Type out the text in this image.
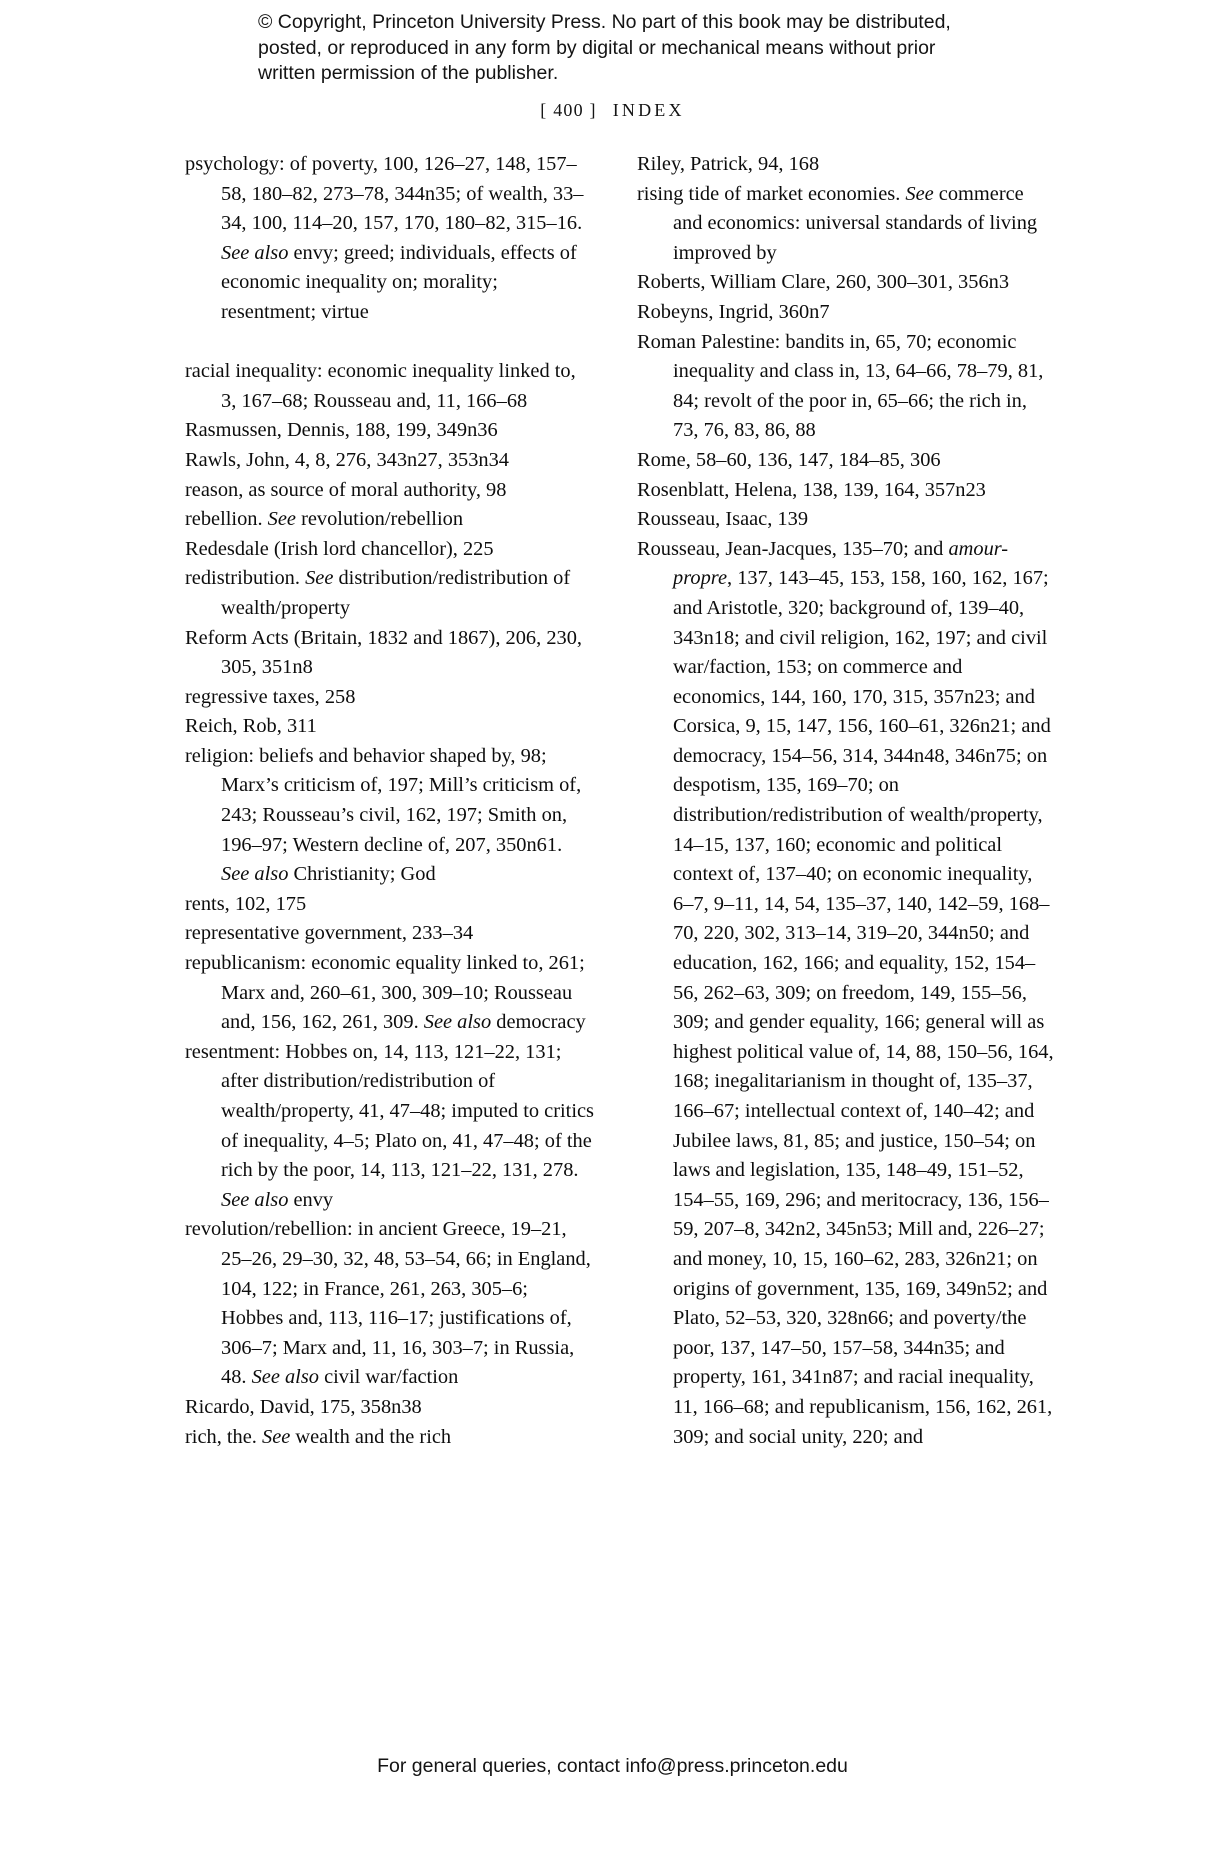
© Copyright, Princeton University Press. No part of this book may be distributed, posted, or reproduced in any form by digital or mechanical means without prior written permission of the publisher.
[ 400 ] INDEX

psychology: of poverty, 100, 126–27, 148, 157–58, 180–82, 273–78, 344n35; of wealth, 33–34, 100, 114–20, 157, 170, 180–82, 315–16. See also envy; greed; individuals, effects of economic inequality on; morality; resentment; virtue

racial inequality: economic inequality linked to, 3, 167–68; Rousseau and, 11, 166–68

Rasmussen, Dennis, 188, 199, 349n36

Rawls, John, 4, 8, 276, 343n27, 353n34

reason, as source of moral authority, 98

rebellion. See revolution/rebellion

Redesdale (Irish lord chancellor), 225

redistribution. See distribution/redistribution of wealth/property

Reform Acts (Britain, 1832 and 1867), 206, 230, 305, 351n8

regressive taxes, 258

Reich, Rob, 311

religion: beliefs and behavior shaped by, 98; Marx’s criticism of, 197; Mill’s criticism of, 243; Rousseau’s civil, 162, 197; Smith on, 196–97; Western decline of, 207, 350n61. See also Christianity; God

rents, 102, 175

representative government, 233–34

republicanism: economic equality linked to, 261; Marx and, 260–61, 300, 309–10; Rousseau and, 156, 162, 261, 309. See also democracy

resentment: Hobbes on, 14, 113, 121–22, 131; after distribution/redistribution of wealth/property, 41, 47–48; imputed to critics of inequality, 4–5; Plato on, 41, 47–48; of the rich by the poor, 14, 113, 121–22, 131, 278. See also envy

revolution/rebellion: in ancient Greece, 19–21, 25–26, 29–30, 32, 48, 53–54, 66; in England, 104, 122; in France, 261, 263, 305–6; Hobbes and, 113, 116–17; justifications of, 306–7; Marx and, 11, 16, 303–7; in Russia, 48. See also civil war/faction

Ricardo, David, 175, 358n38

rich, the. See wealth and the rich

Riley, Patrick, 94, 168

rising tide of market economies. See commerce and economics: universal standards of living improved by

Roberts, William Clare, 260, 300–301, 356n3

Robeyns, Ingrid, 360n7

Roman Palestine: bandits in, 65, 70; economic inequality and class in, 13, 64–66, 78–79, 81, 84; revolt of the poor in, 65–66; the rich in, 73, 76, 83, 86, 88

Rome, 58–60, 136, 147, 184–85, 306

Rosenblatt, Helena, 138, 139, 164, 357n23

Rousseau, Isaac, 139

Rousseau, Jean-Jacques, 135–70; and amour-propre, 137, 143–45, 153, 158, 160, 162, 167; and Aristotle, 320; background of, 139–40, 343n18; and civil religion, 162, 197; and civil war/faction, 153; on commerce and economics, 144, 160, 170, 315, 357n23; and Corsica, 9, 15, 147, 156, 160–61, 326n21; and democracy, 154–56, 314, 344n48, 346n75; on despotism, 135, 169–70; on distribution/redistribution of wealth/property, 14–15, 137, 160; economic and political context of, 137–40; on economic inequality, 6–7, 9–11, 14, 54, 135–37, 140, 142–59, 168–70, 220, 302, 313–14, 319–20, 344n50; and education, 162, 166; and equality, 152, 154–56, 262–63, 309; on freedom, 149, 155–56, 309; and gender equality, 166; general will as highest political value of, 14, 88, 150–56, 164, 168; inegalitarianism in thought of, 135–37, 166–67; intellectual context of, 140–42; and Jubilee laws, 81, 85; and justice, 150–54; on laws and legislation, 135, 148–49, 151–52, 154–55, 169, 296; and meritocracy, 136, 156–59, 207–8, 342n2, 345n53; Mill and, 226–27; and money, 10, 15, 160–62, 283, 326n21; on origins of government, 135, 169, 349n52; and Plato, 52–53, 320, 328n66; and poverty/the poor, 137, 147–50, 157–58, 344n35; and property, 161, 341n87; and racial inequality, 11, 166–68; and republicanism, 156, 162, 261, 309; and social unity, 220; and

For general queries, contact info@press.princeton.edu
